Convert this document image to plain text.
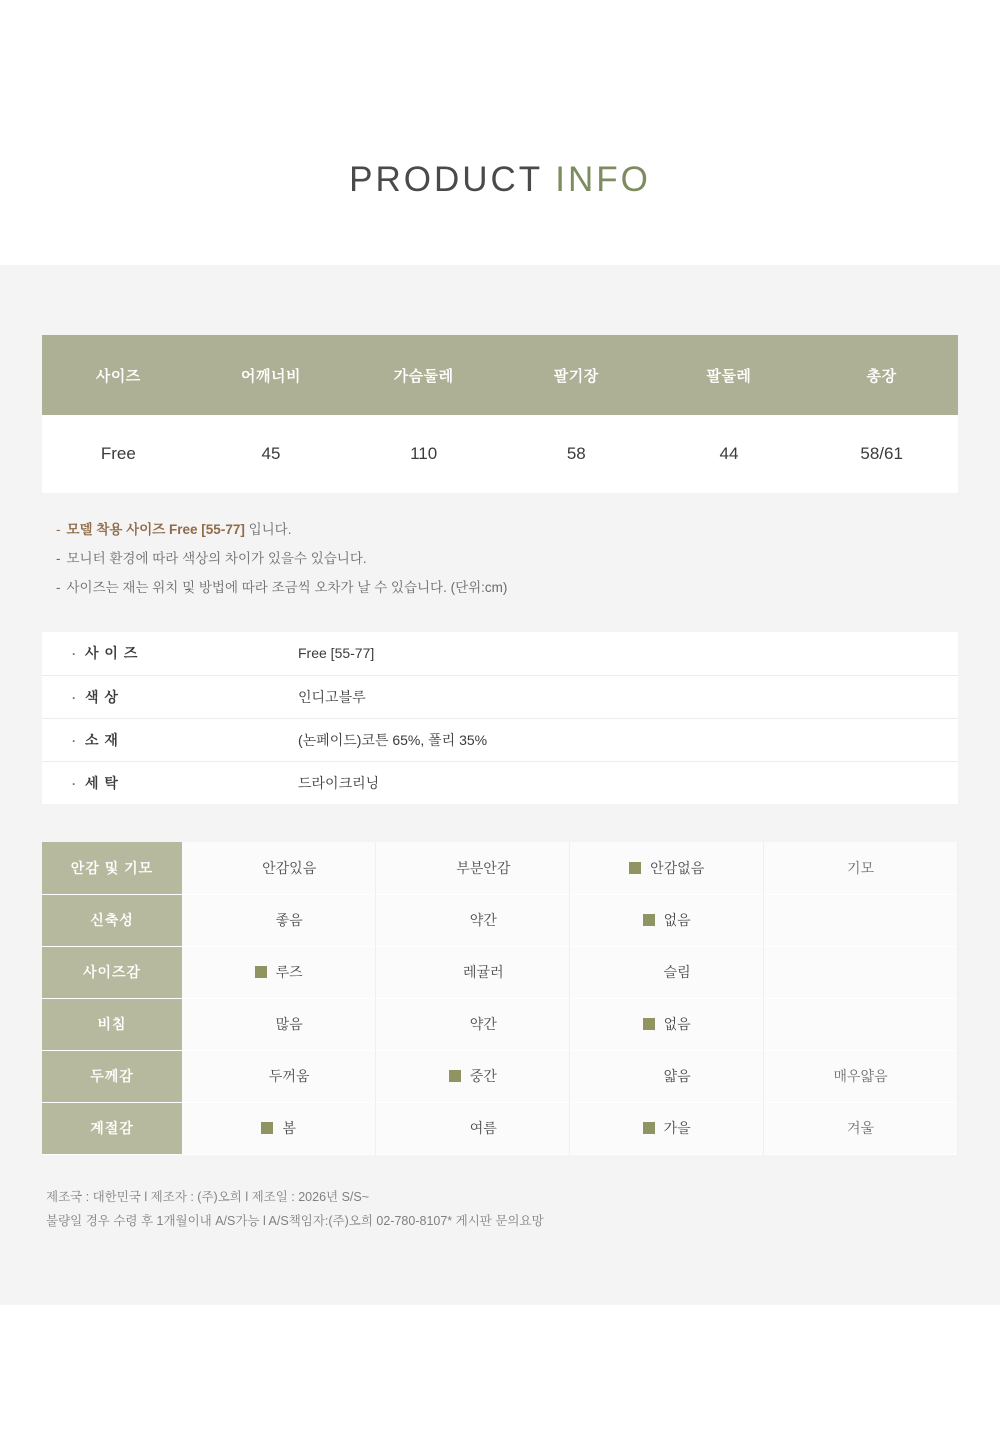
PRODUCT INFO
사이즈	어깨너비	가슴둘레	팔기장	팔둘레	총장
Free	45	110	58	44	58/61
- 모델 착용 사이즈 Free [55-77] 입니다.
- 모니터 환경에 따라 색상의 차이가 있을수 있습니다.
- 사이즈는 재는 위치 및 방법에 따라 조금씩 오차가 날 수 있습니다. (단위:cm)
· 사 이 즈	Free [55-77]
· 색 상	인디고블루
· 소 재	(논페이드)코튼 65%, 폴리 35%
· 세 탁	드라이크리닝
안감 및 기모	안감있음	부분안감	안감없음	기모

신축성	좋음	약간	없음	

사이즈감	루즈	레귤러	슬림	

비침	많음	약간	없음	

두께감	두꺼움	중간	얇음	매우얇음

계절감	봄	여름	가을	겨울
제조국 : 대한민국 l 제조자 : (주)오희 l 제조일 : 2026년 S/S~
불량일 경우 수령 후 1개월이내 A/S가능 l A/S책임자:(주)오희 02-780-8107* 게시판 문의요망
